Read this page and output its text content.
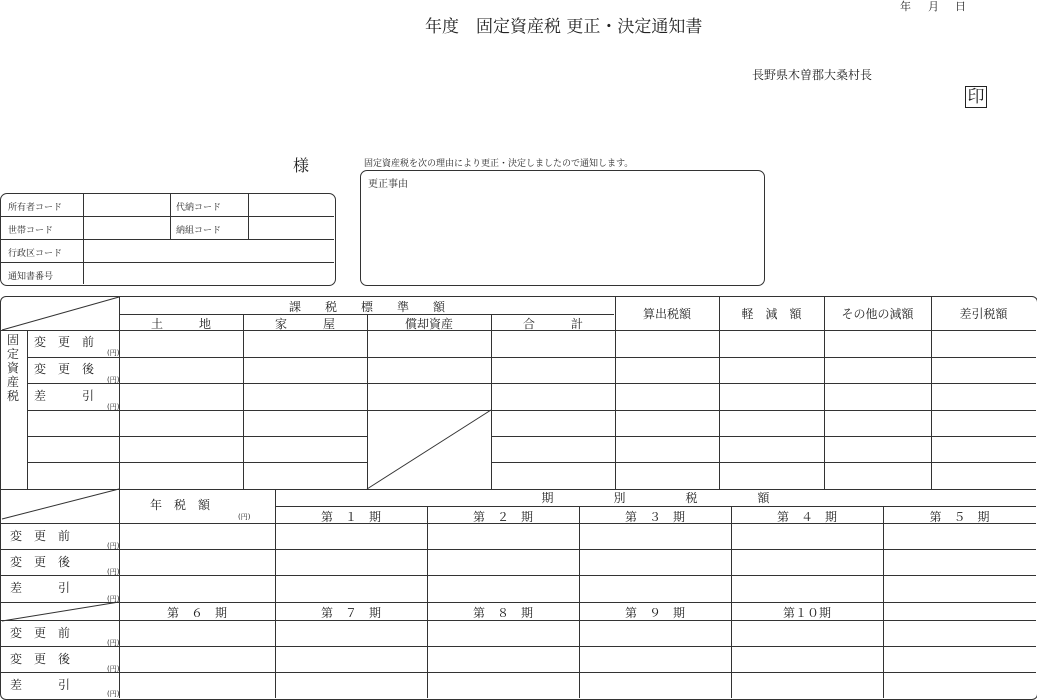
年度　固定資産税 更正・決定通知書
年 月 日
長野県木曽郡大桑村長
印
様	固定資産税を次の理由により更正・決定しましたので通知します。
更正事由
所有者コード	代納コード
世帯コード	納組コード
行政区コード
通知書番号
課　　税　　標　　準　　額
土　　　地	家　　　屋	償却資産	合　　　計
算出税額	軽　減　額	その他の減額	差引税額
固
定
資
産
税
変　更　前
(円)
変　更　後
(円)
差　　　引
(円)
年　税　額
(円)
期　　　　　別　　　　　税　　　　　額
第　１　期	第　２　期	第　３　期	第　４　期	第　５　期
第　６　期	第　７　期	第　８　期	第　９　期	第１０期
変　更　前
(円)
変　更　後
(円)
差　　　引
(円)
変　更　前
(円)
変　更　後
(円)
差　　　引
(円)
